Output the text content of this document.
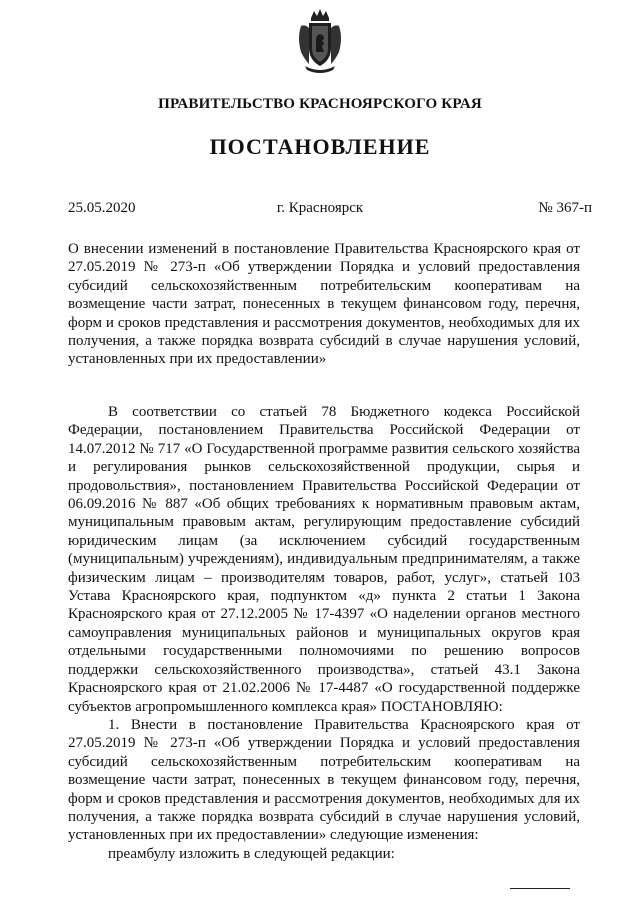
ПРАВИТЕЛЬСТВО КРАСНОЯРСКОГО КРАЯ
ПОСТАНОВЛЕНИЕ
25.05.2020	г. Красноярск	№ 367-п

О внесении изменений в постановление Правительства Красноярского края от 27.05.2019 № 273-п «Об утверждении Порядка и условий предоставления субсидий сельскохозяйственным потребительским кооперативам на возмещение части затрат, понесенных в текущем финансовом году, перечня, форм и сроков представления и рассмотрения документов, необходимых для их получения, а также порядка возврата субсидий в случае нарушения условий, установленных при их предоставлении»

В соответствии со статьей 78 Бюджетного кодекса Российской Федерации, постановлением Правительства Российской Федерации от 14.07.2012 № 717 «О Государственной программе развития сельского хозяйства и регулирования рынков сельскохозяйственной продукции, сырья и продовольствия», постановлением Правительства Российской Федерации от 06.09.2016 № 887 «Об общих требованиях к нормативным правовым актам, муниципальным правовым актам, регулирующим предоставление субсидий юридическим лицам (за исключением субсидий государственным (муниципальным) учреждениям), индивидуальным предпринимателям, а также физическим лицам – производителям товаров, работ, услуг», статьей 103 Устава Красноярского края, подпунктом «д» пункта 2 статьи 1 Закона Красноярского края от 27.12.2005 № 17-4397 «О наделении органов местного самоуправления муниципальных районов и муниципальных округов края отдельными государственными полномочиями по решению вопросов поддержки сельскохозяйственного производства», статьей 43.1 Закона Красноярского края от 21.02.2006 № 17-4487 «О государственной поддержке субъектов агропромышленного комплекса края» ПОСТАНОВЛЯЮ:

1. Внести в постановление Правительства Красноярского края от 27.05.2019 № 273-п «Об утверждении Порядка и условий предоставления субсидий сельскохозяйственным потребительским кооперативам на возмещение части затрат, понесенных в текущем финансовом году, перечня, форм и сроков представления и рассмотрения документов, необходимых для их получения, а также порядка возврата субсидий в случае нарушения условий, установленных при их предоставлении» следующие изменения:

преамбулу изложить в следующей редакции:
